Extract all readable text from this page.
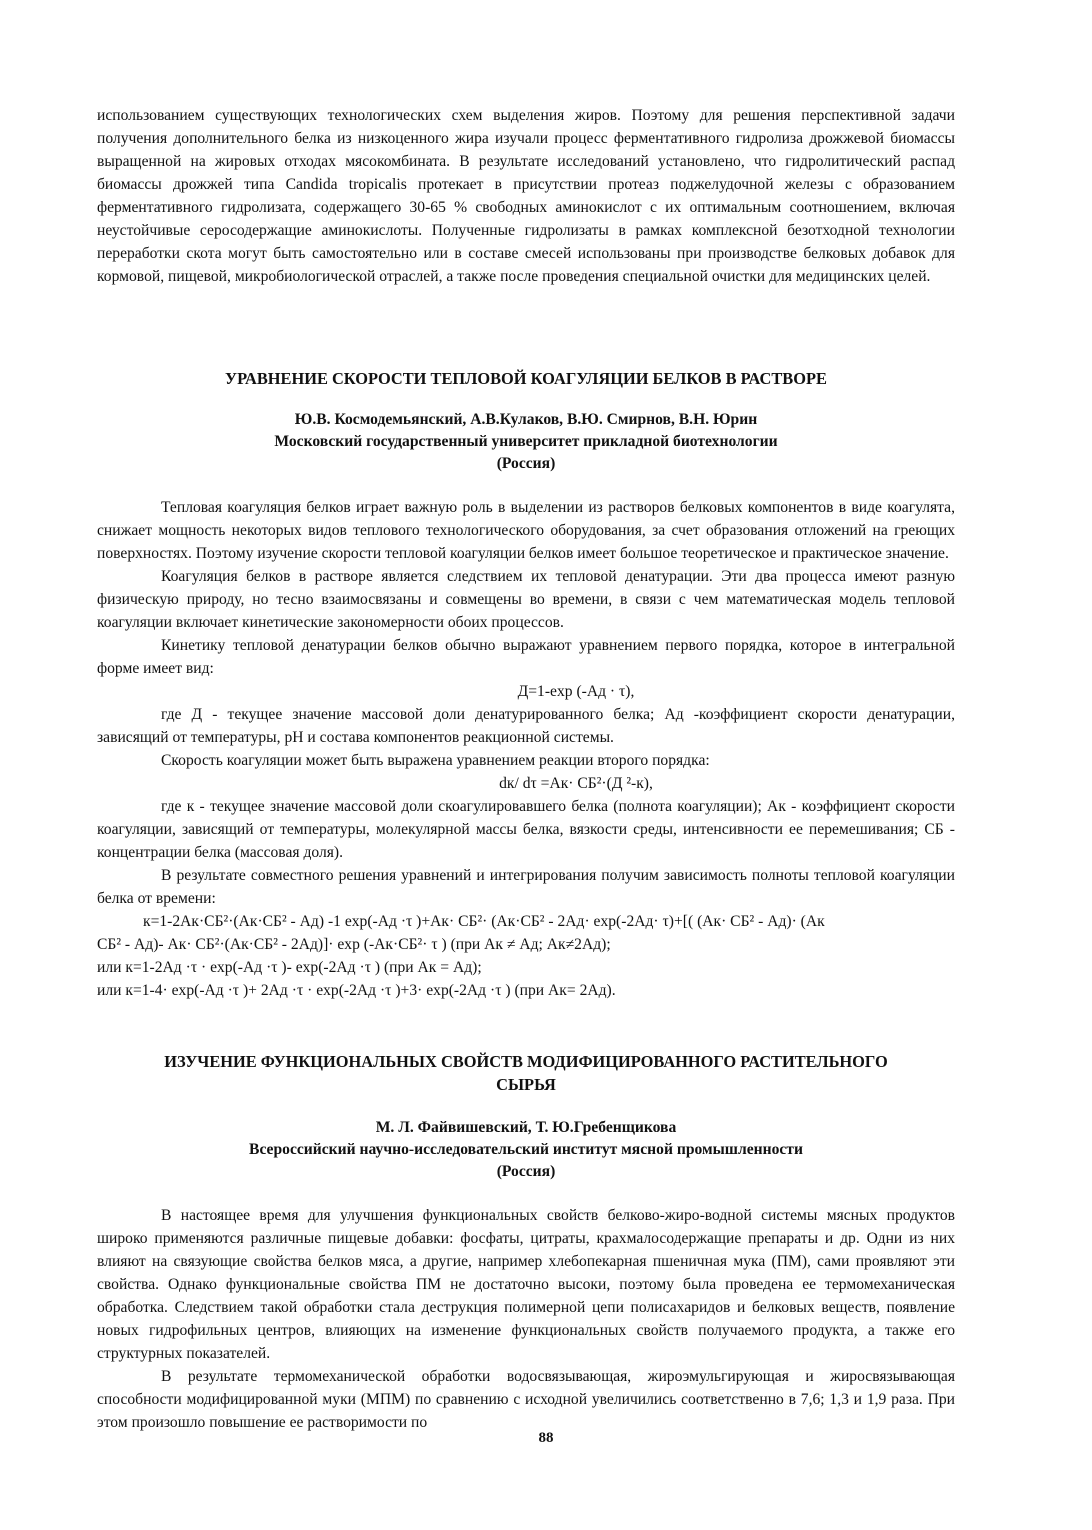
использованием существующих технологических схем выделения жиров. Поэтому для решения перспективной задачи получения дополнительного белка из низкоценного жира изучали процесс ферментативного гидролиза дрожжевой биомассы выращенной на жировых отходах мясокомбината. В результате исследований установлено, что гидролитический распад биомассы дрожжей типа Candida tropicalis протекает в присутствии протеаз поджелудочной железы с образованием ферментативного гидролизата, содержащего 30-65 % свободных аминокислот с их оптимальным соотношением, включая неустойчивые серосодержащие аминокислоты. Полученные гидролизаты в рамках комплексной безотходной технологии переработки скота могут быть самостоятельно или в составе смесей использованы при производстве белковых добавок для кормовой, пищевой, микробиологической отраслей, а также после проведения специальной очистки для медицинских целей.

УРАВНЕНИЕ СКОРОСТИ ТЕПЛОВОЙ КОАГУЛЯЦИИ БЕЛКОВ В РАСТВОРЕ
Ю.В. Космодемьянский, А.В.Кулаков, В.Ю. Смирнов, В.Н. Юрин
Московский государственный университет прикладной биотехнологии
(Россия)

Тепловая коагуляция белков играет важную роль в выделении из растворов белковых компонентов в виде коагулята, снижает мощность некоторых видов теплового технологического оборудования, за счет образования отложений на греющих поверхностях. Поэтому изучение скорости тепловой коагуляции белков имеет большое теоретическое и практическое значение.

Коагуляция белков в растворе является следствием их тепловой денатурации. Эти два процесса имеют разную физическую природу, но тесно взаимосвязаны и совмещены во времени, в связи с чем математическая модель тепловой коагуляции включает кинетические закономерности обоих процессов.

Кинетику тепловой денатурации белков обычно выражают уравнением первого порядка, которое в интегральной форме имеет вид:

Д=1-exp (-Aд · τ),

где Д - текущее значение массовой доли денатурированного белка; Aд -коэффициент скорости денатурации, зависящий от температуры, pH и состава компонентов реакционной системы.

Скорость коагуляции может быть выражена уравнением реакции второго порядка:

dк/ dτ =Aк· CБ²·(Д ²-к),

где к - текущее значение массовой доли скоагулировавшего белка (полнота коагуляции); Aк - коэффициент скорости коагуляции, зависящий от температуры, молекулярной массы белка, вязкости среды, интенсивности ее перемешивания; CБ - концентрации белка (массовая доля).

В результате совместного решения уравнений и интегрирования получим зависимость полноты тепловой коагуляции белка от времени:

к=1-2Aк·CБ²·(Aк·CБ² - Aд) -1 exp(-Aд ·τ )+Aк· CБ²· (Aк·CБ² - 2Aд· exp(-2Aд· τ)+[( (Aк· CБ² - Aд)· (Aк
CБ² - Aд)- Aк· CБ²·(Aк·CБ² - 2Aд)]· exp (-Aк·CБ²· τ ) (при Aк ≠ Aд; Aк≠2Aд);
или к=1-2Aд ·τ · exp(-Aд ·τ )- exp(-2Aд ·τ ) (при Aк = Aд);
или к=1-4· exp(-Aд ·τ )+ 2Aд ·τ · exp(-2Aд ·τ )+3· exp(-2Aд ·τ ) (при Aк= 2Aд).
ИЗУЧЕНИЕ ФУНКЦИОНАЛЬНЫХ СВОЙСТВ МОДИФИЦИРОВАННОГО РАСТИТЕЛЬНОГО СЫРЬЯ
М. Л. Файвишевский, Т. Ю.Гребенщикова
Всероссийский научно-исследовательский институт мясной промышленности
(Россия)

В настоящее время для улучшения функциональных свойств белково-жиро-водной системы мясных продуктов широко применяются различные пищевые добавки: фосфаты, цитраты, крахмалосодержащие препараты и др. Одни из них влияют на связующие свойства белков мяса, а другие, например хлебопекарная пшеничная мука (ПМ), сами проявляют эти свойства. Однако функциональные свойства ПМ не достаточно высоки, поэтому была проведена ее термомеханическая обработка. Следствием такой обработки стала деструкция полимерной цепи полисахаридов и белковых веществ, появление новых гидрофильных центров, влияющих на изменение функциональных свойств получаемого продукта, а также его структурных показателей.

В результате термомеханической обработки водосвязывающая, жироэмульгирующая и жиросвязывающая способности модифицированной муки (МПМ) по сравнению с исходной увеличились соответственно в 7,6; 1,3 и 1,9 раза. При этом произошло повышение ее растворимости по

88
